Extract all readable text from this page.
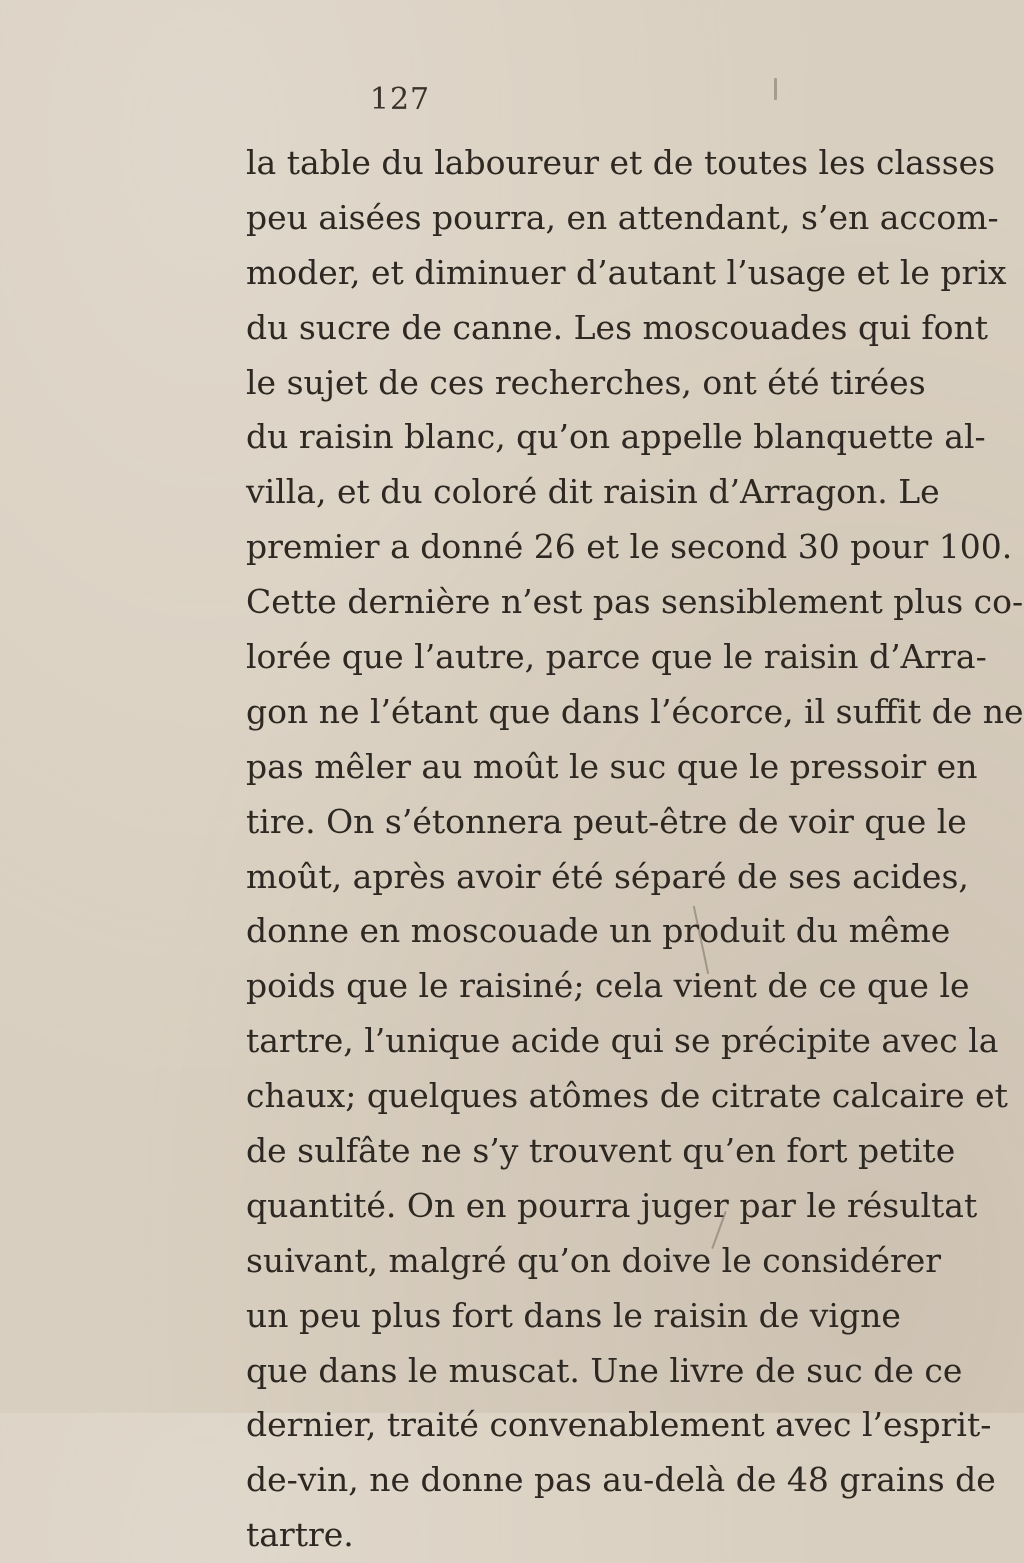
127
la table du laboureur et de toutes les classes
peu aisées pourra, en attendant, s’en accom-
moder, et diminuer d’autant l’usage et le prix
du sucre de canne. Les moscouades qui font
le sujet de ces recherches, ont été tirées
du raisin blanc, qu’on appelle blanquette al-
villa, et du coloré dit raisin d’Arragon. Le
premier a donné 26 et le second 30 pour 100.
Cette dernière n’est pas sensiblement plus co-
lorée que l’autre, parce que le raisin d’Arra-
gon ne l’étant que dans l’écorce, il suffit de ne
pas mêler au moût le suc que le pressoir en
tire. On s’étonnera peut-être de voir que le
moût, après avoir été séparé de ses acides,
donne en moscouade un produit du même
poids que le raisiné; cela vient de ce que le
tartre, l’unique acide qui se précipite avec la
chaux; quelques atômes de citrate calcaire et
de sulfâte ne s’y trouvent qu’en fort petite
quantité. On en pourra juger par le résultat
suivant, malgré qu’on doive le considérer
un peu plus fort dans le raisin de vigne
que dans le muscat. Une livre de suc de ce
dernier, traité convenablement avec l’esprit-
de-vin, ne donne pas au-delà de 48 grains de
tartre.
